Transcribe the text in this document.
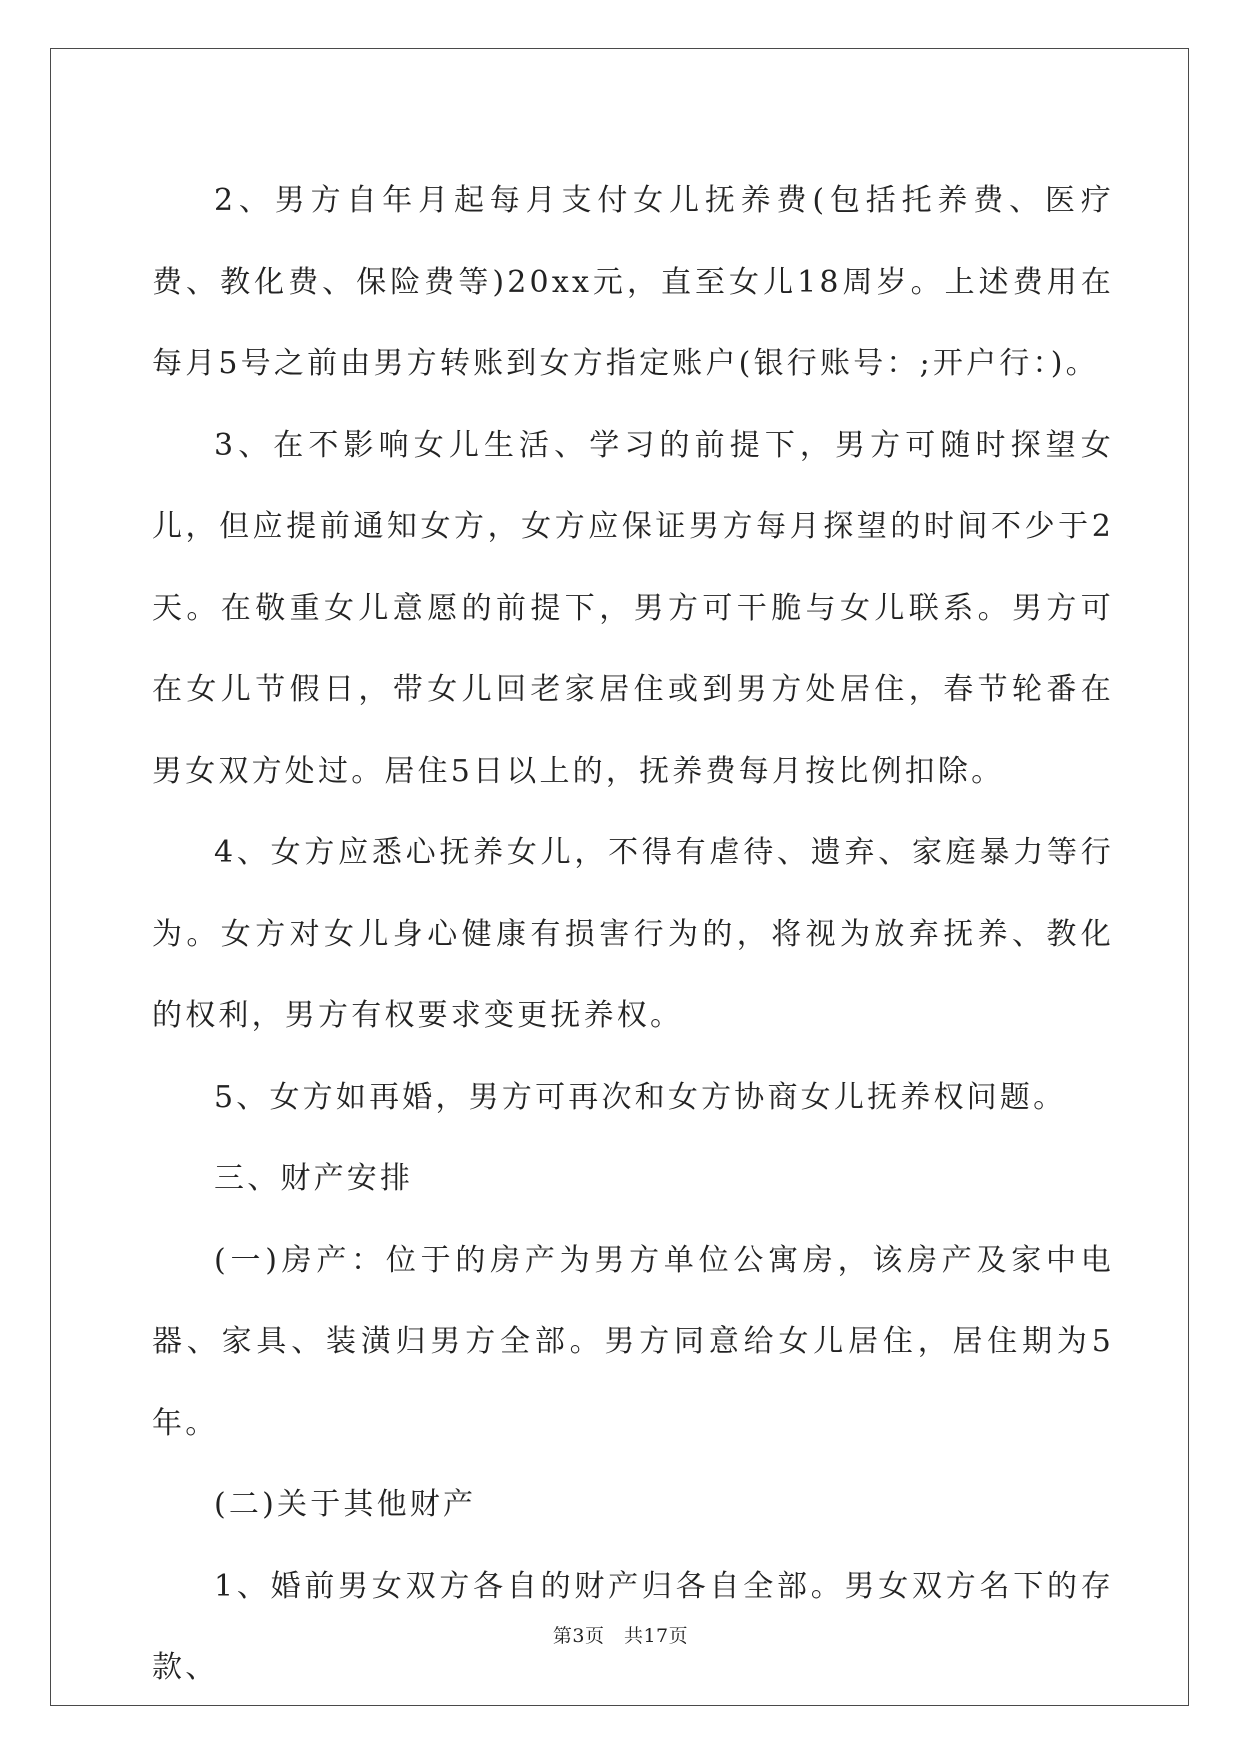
2、男方自年月起每月支付女儿抚养费(包括托养费、医疗费、教化费、保险费等)20xx元，直至女儿18周岁。上述费用在每月5号之前由男方转账到女方指定账户(银行账号：;开户行：)。

3、在不影响女儿生活、学习的前提下，男方可随时探望女儿，但应提前通知女方，女方应保证男方每月探望的时间不少于2天。在敬重女儿意愿的前提下，男方可干脆与女儿联系。男方可在女儿节假日，带女儿回老家居住或到男方处居住，春节轮番在男女双方处过。居住5日以上的，抚养费每月按比例扣除。

4、女方应悉心抚养女儿，不得有虐待、遗弃、家庭暴力等行为。女方对女儿身心健康有损害行为的，将视为放弃抚养、教化的权利，男方有权要求变更抚养权。

5、女方如再婚，男方可再次和女方协商女儿抚养权问题。

三、财产安排

(一)房产：位于的房产为男方单位公寓房，该房产及家中电器、家具、装潢归男方全部。男方同意给女儿居住，居住期为5年。

(二)关于其他财产

1、婚前男女双方各自的财产归各自全部。男女双方名下的存款、

第3页　共17页
